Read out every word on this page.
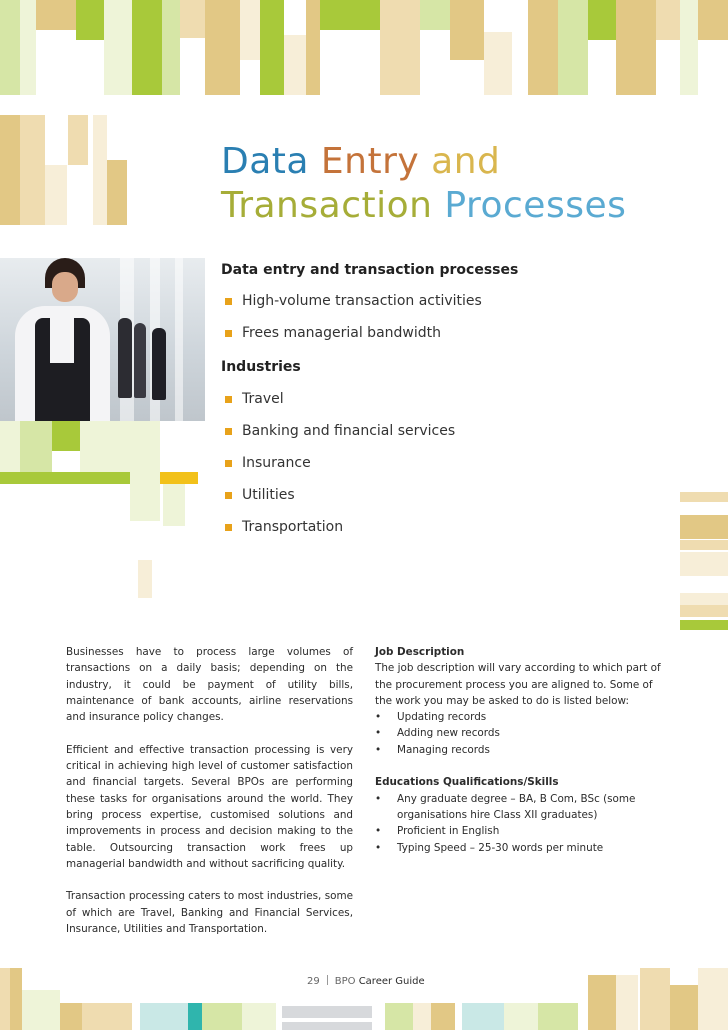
Data Entry and
Transaction Processes
Data entry and transaction processes
High-volume transaction activities
Frees managerial bandwidth
Industries
Travel
Banking and financial services
Insurance
Utilities
Transportation

Businesses have to process large volumes of transactions on a daily basis; depending on the industry, it could be payment of utility bills, maintenance of bank accounts, airline reservations and insurance policy changes.

Efficient and effective transaction processing is very critical in achieving high level of customer satisfaction and financial targets. Several BPOs are performing these tasks for organisations around the world. They bring process expertise, customised solutions and improvements in process and decision making to the table. Outsourcing transaction work frees up managerial bandwidth and without sacrificing quality.

Transaction processing caters to most industries, some of which are Travel, Banking and Financial Services, Insurance, Utilities and Transportation.

Job Description
The job description will vary according to which part of the procurement process you are aligned to. Some of the work you may be asked to do is listed below:
•	Updating records
•	Adding new records
•	Managing records
Educations Qualifications/Skills
•	Any graduate degree – BA, B Com, BSc (some organisations hire Class XII graduates)
•	Proficient in English
•	Typing Speed – 25-30 words per minute
29 BPO Career Guide
